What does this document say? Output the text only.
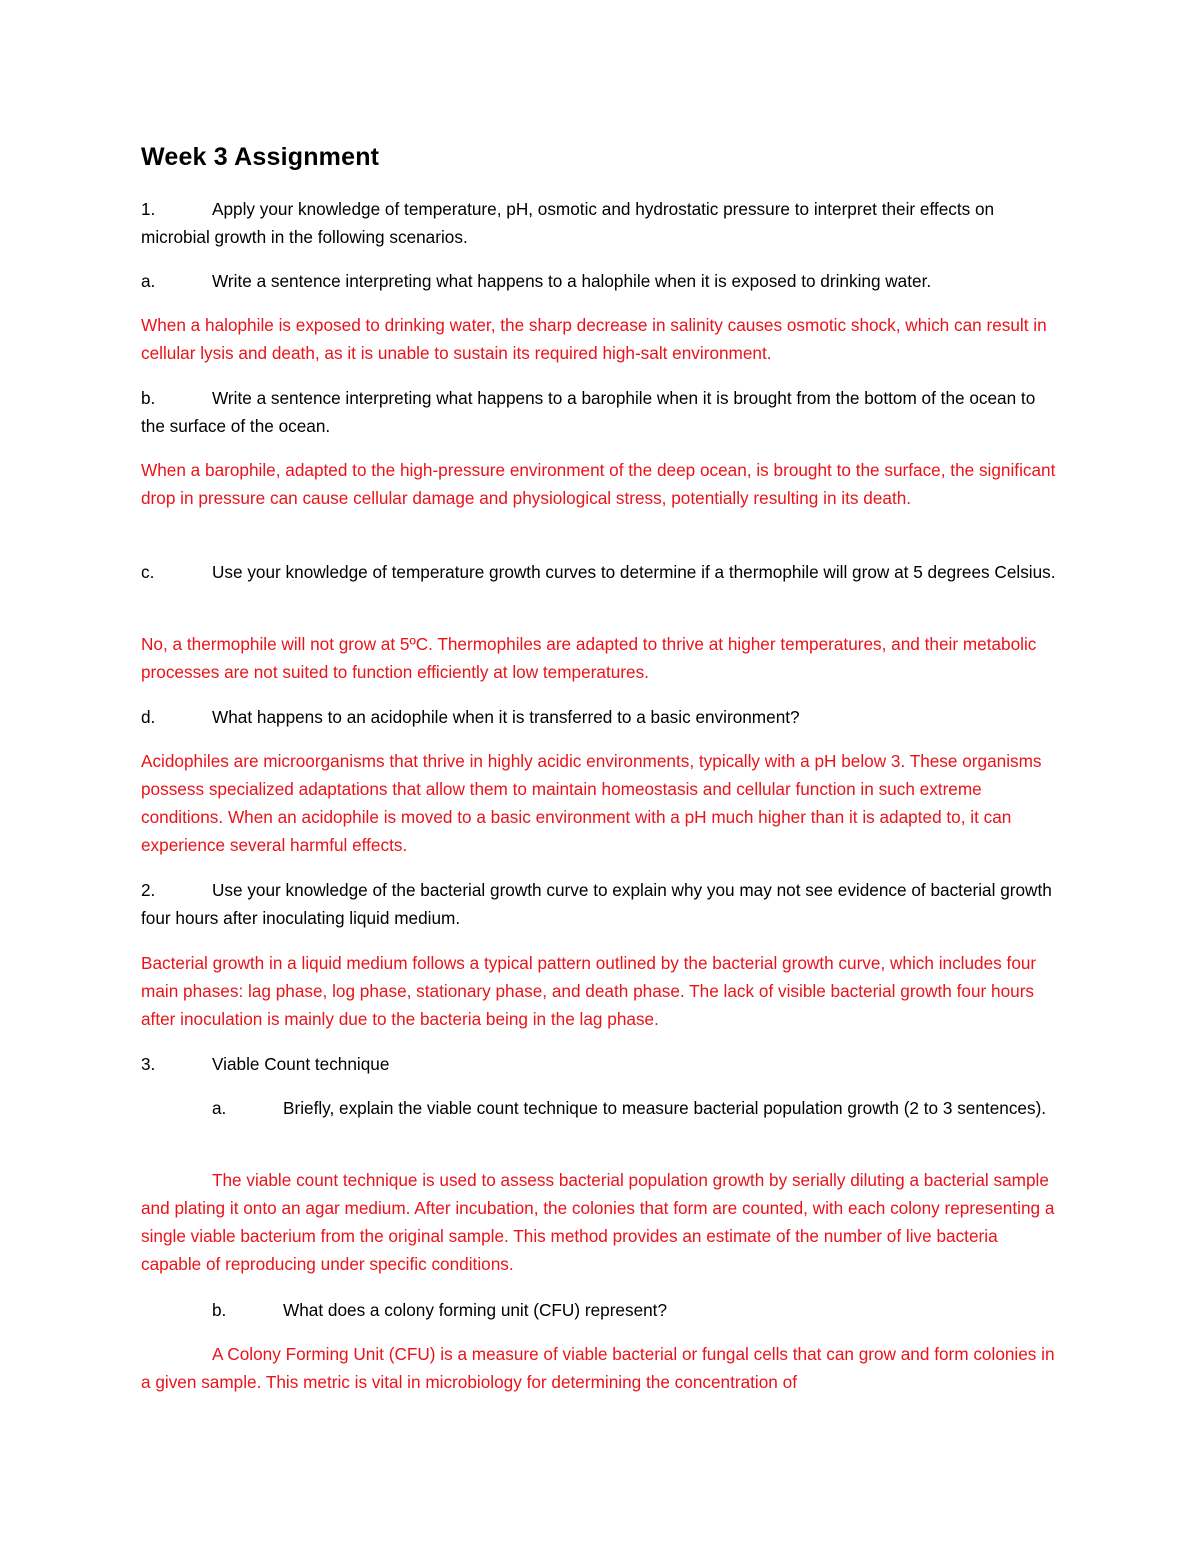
Week 3 Assignment
1.	Apply your knowledge of temperature, pH, osmotic and hydrostatic pressure to interpret their effects on microbial growth in the following scenarios.
a.	Write a sentence interpreting what happens to a halophile when it is exposed to drinking water.
When a halophile is exposed to drinking water, the sharp decrease in salinity causes osmotic shock, which can result in cellular lysis and death, as it is unable to sustain its required high-salt environment.
b.	Write a sentence interpreting what happens to a barophile when it is brought from the bottom of the ocean to the surface of the ocean.
When a barophile, adapted to the high-pressure environment of the deep ocean, is brought to the surface, the significant drop in pressure can cause cellular damage and physiological stress, potentially resulting in its death.
c.	Use your knowledge of temperature growth curves to determine if a thermophile will grow at 5 degrees Celsius.
No, a thermophile will not grow at 5ºC. Thermophiles are adapted to thrive at higher temperatures, and their metabolic processes are not suited to function efficiently at low temperatures.
d.	What happens to an acidophile when it is transferred to a basic environment?
Acidophiles are microorganisms that thrive in highly acidic environments, typically with a pH below 3. These organisms possess specialized adaptations that allow them to maintain homeostasis and cellular function in such extreme conditions. When an acidophile is moved to a basic environment with a pH much higher than it is adapted to, it can experience several harmful effects.
2.	Use your knowledge of the bacterial growth curve to explain why you may not see evidence of bacterial growth four hours after inoculating liquid medium.
Bacterial growth in a liquid medium follows a typical pattern outlined by the bacterial growth curve, which includes four main phases: lag phase, log phase, stationary phase, and death phase. The lack of visible bacterial growth four hours after inoculation is mainly due to the bacteria being in the lag phase.
3.	Viable Count technique
a.	Briefly, explain the viable count technique to measure bacterial population growth (2 to 3 sentences).
The viable count technique is used to assess bacterial population growth by serially diluting a bacterial sample and plating it onto an agar medium. After incubation, the colonies that form are counted, with each colony representing a single viable bacterium from the original sample. This method provides an estimate of the number of live bacteria capable of reproducing under specific conditions.
b.	What does a colony forming unit (CFU) represent?
A Colony Forming Unit (CFU) is a measure of viable bacterial or fungal cells that can grow and form colonies in a given sample. This metric is vital in microbiology for determining the concentration of
